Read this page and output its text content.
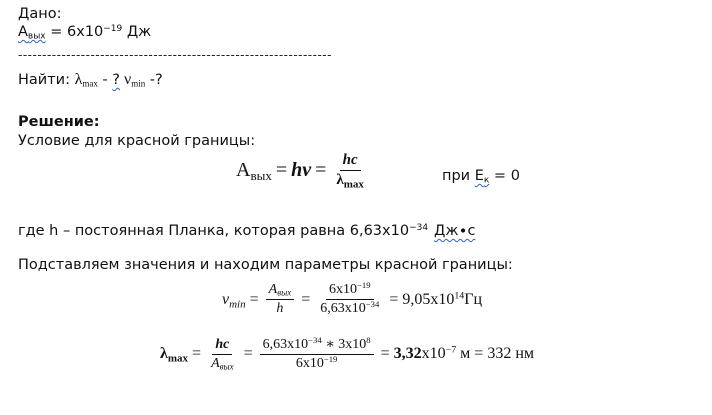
Дано:
$А_{вых} = 6х10^{-19}$ Дж
-----------------------------------------------------------------
Найти: $\lambda_{max}$ - ? $\nu_{min}$ -?
Решение:
Условие для красной границы:
$А_{вых} = h\nu = \frac{hc}{\lambda_{max}}$	при $Е_к = 0$
где h – постоянная Планка, которая равна $6,63х10^{-34}$ Дж∙с
Подставляем значения и находим параметры красной границы:
$\nu_{min} = \frac{А_{вых}}{h} = \frac{6х10^{-19}}{6,63х10^{-34}} = 9,05х10^{14}Гц$
$\lambda_{max} = \frac{hc}{А_{вых}} = \frac{6,63х10^{-34} ∗ 3х10^8}{6х10^{-19}} = 3,32х10^{-7}$ м = 332 нм
